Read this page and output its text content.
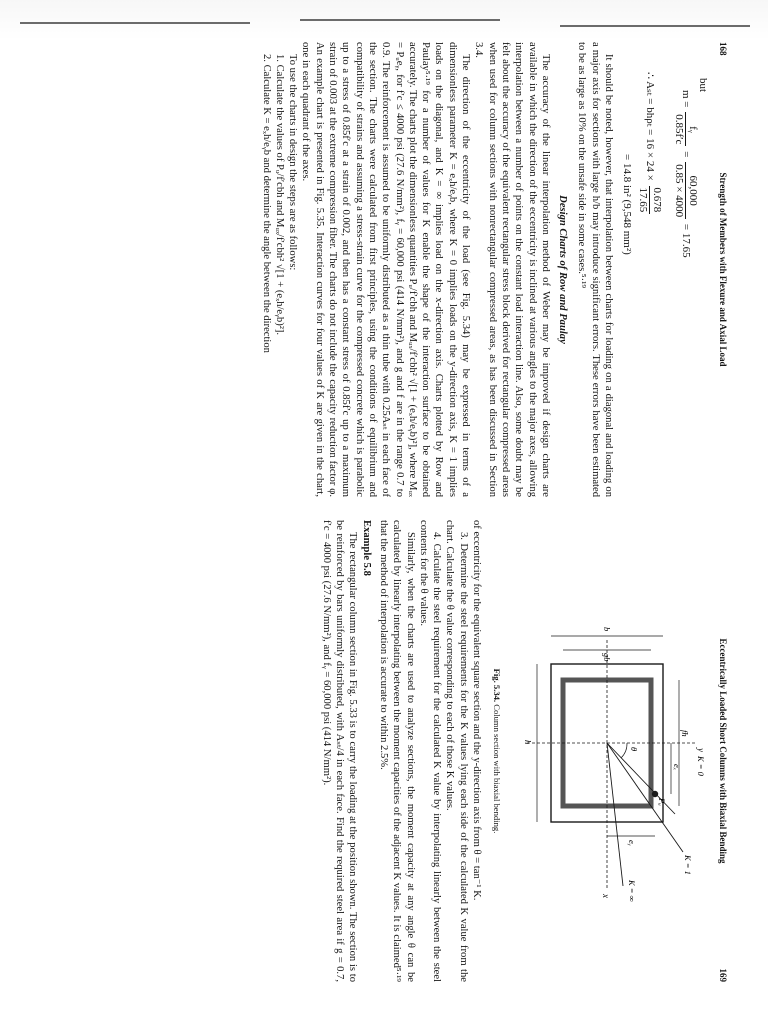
168
Strength of Members with Flexure and Axial Load
but
m =
fᵧ
0.85f′c
=
60,000
0.85 × 4000
= 17.65
∴ Aₛₜ = bhρₜ = 16 × 24 ×
0.678
17.65
= 14.8 in² (9,548 mm²)

It should be noted, however, that interpolation between charts for loading on a diagonal and loading on a major axis for sections with large h/b may introduce significant errors. These errors have been estimated to be as large as 10% on the unsafe side in some cases.⁵·¹⁹

Design Charts of Row and Paulay

The accuracy of the linear interpolation method of Weber may be improved if design charts are available in which the direction of the eccentricity is inclined at various angles to the major axes, allowing interpolation between a number of points on the constant load interaction line. Also, some doubt may be felt about the accuracy of the equivalent rectangular stress block derived for rectangular compressed areas when used for column sections with nonrectangular compressed areas, as has been discussed in Section 3.4.

The direction of the eccentricity of the load (see Fig. 5.34) may be expressed in terms of a dimensionless parameter K = eₓh/eᵧb, where K = 0 implies loads on the y-direction axis, K = 1 implies loads on the diagonal, and K = ∞ implies load on the x-direction axis. Charts plotted by Row and Paulay⁵·¹⁹ for a number of values for K enable the shape of the interaction surface to be obtained accurately. The charts plot the dimensionless quantities Pᵤ/f′cbh and Mᵤₓ/f′cbh² √[1 + (eₓh/eᵧb)²], where Mᵤₓ = Pᵤeᵧ, for f′c ≤ 4000 psi (27.6 N/mm²), fᵧ = 60,000 psi (414 N/mm²), and g and f are in the range 0.7 to 0.9. The reinforcement is assumed to be uniformly distributed as a thin tube with 0.25Aₛₜ in each face of the section. The charts were calculated from first principles, using the conditions of equilibrium and compatibility of strains and assuming a stress-strain curve for the compressed concrete which is parabolic up to a stress of 0.85f′c at a strain of 0.002, and then has a constant stress of 0.85f′c up to a maximum strain of 0.003 at the extreme compression fiber. The charts do not include the capacity reduction factor φ. An example chart is presented in Fig. 5.35. Interaction curves for four values of K are given in the chart, one in each quadrant of the axes.

To use the charts in design the steps are as follows:

1. Calculate the values of Pᵤ/f′cbh and Mᵤₓ/f′cbh² √[1 + (eₓh/eᵧb)²].

2. Calculate K = eₓh/eᵧb and determine the angle between the direction

Eccentrically Loaded Short Columns with Biaxial Bending
169
y
K = 0
K = 1
K = ∞
x
Pᵤ
eₓ
eᵧ
θ
fh
h
gb
b
Fig. 5.34. Column section with biaxial bending.

of eccentricity for the equivalent square section and the y-direction axis from θ = tan⁻¹ K.

3. Determine the steel requirements for the K values lying each side of the calculated K value from the chart. Calculate the θ value corresponding to each of those K values.

4. Calculate the steel requirement for the calculated K value by interpolating linearly between the steel contents for the θ values.

Similarly, when the charts are used to analyze sections, the moment capacity at any angle θ can be calculated by linearly interpolating between the moment capacities of the adjacent K values. It is claimed⁵·¹⁹ that the method of interpolation is accurate to within 2.5%.

Example 5.8

The rectangular column section in Fig. 5.33 is to carry the loading at the position shown. The section is to be reinforced by bars uniformly distributed, with Aₛₜ/4 in each face. Find the required steel area if g = 0.7, f′c = 4000 psi (27.6 N/mm²), and fᵧ = 60,000 psi (414 N/mm²).
